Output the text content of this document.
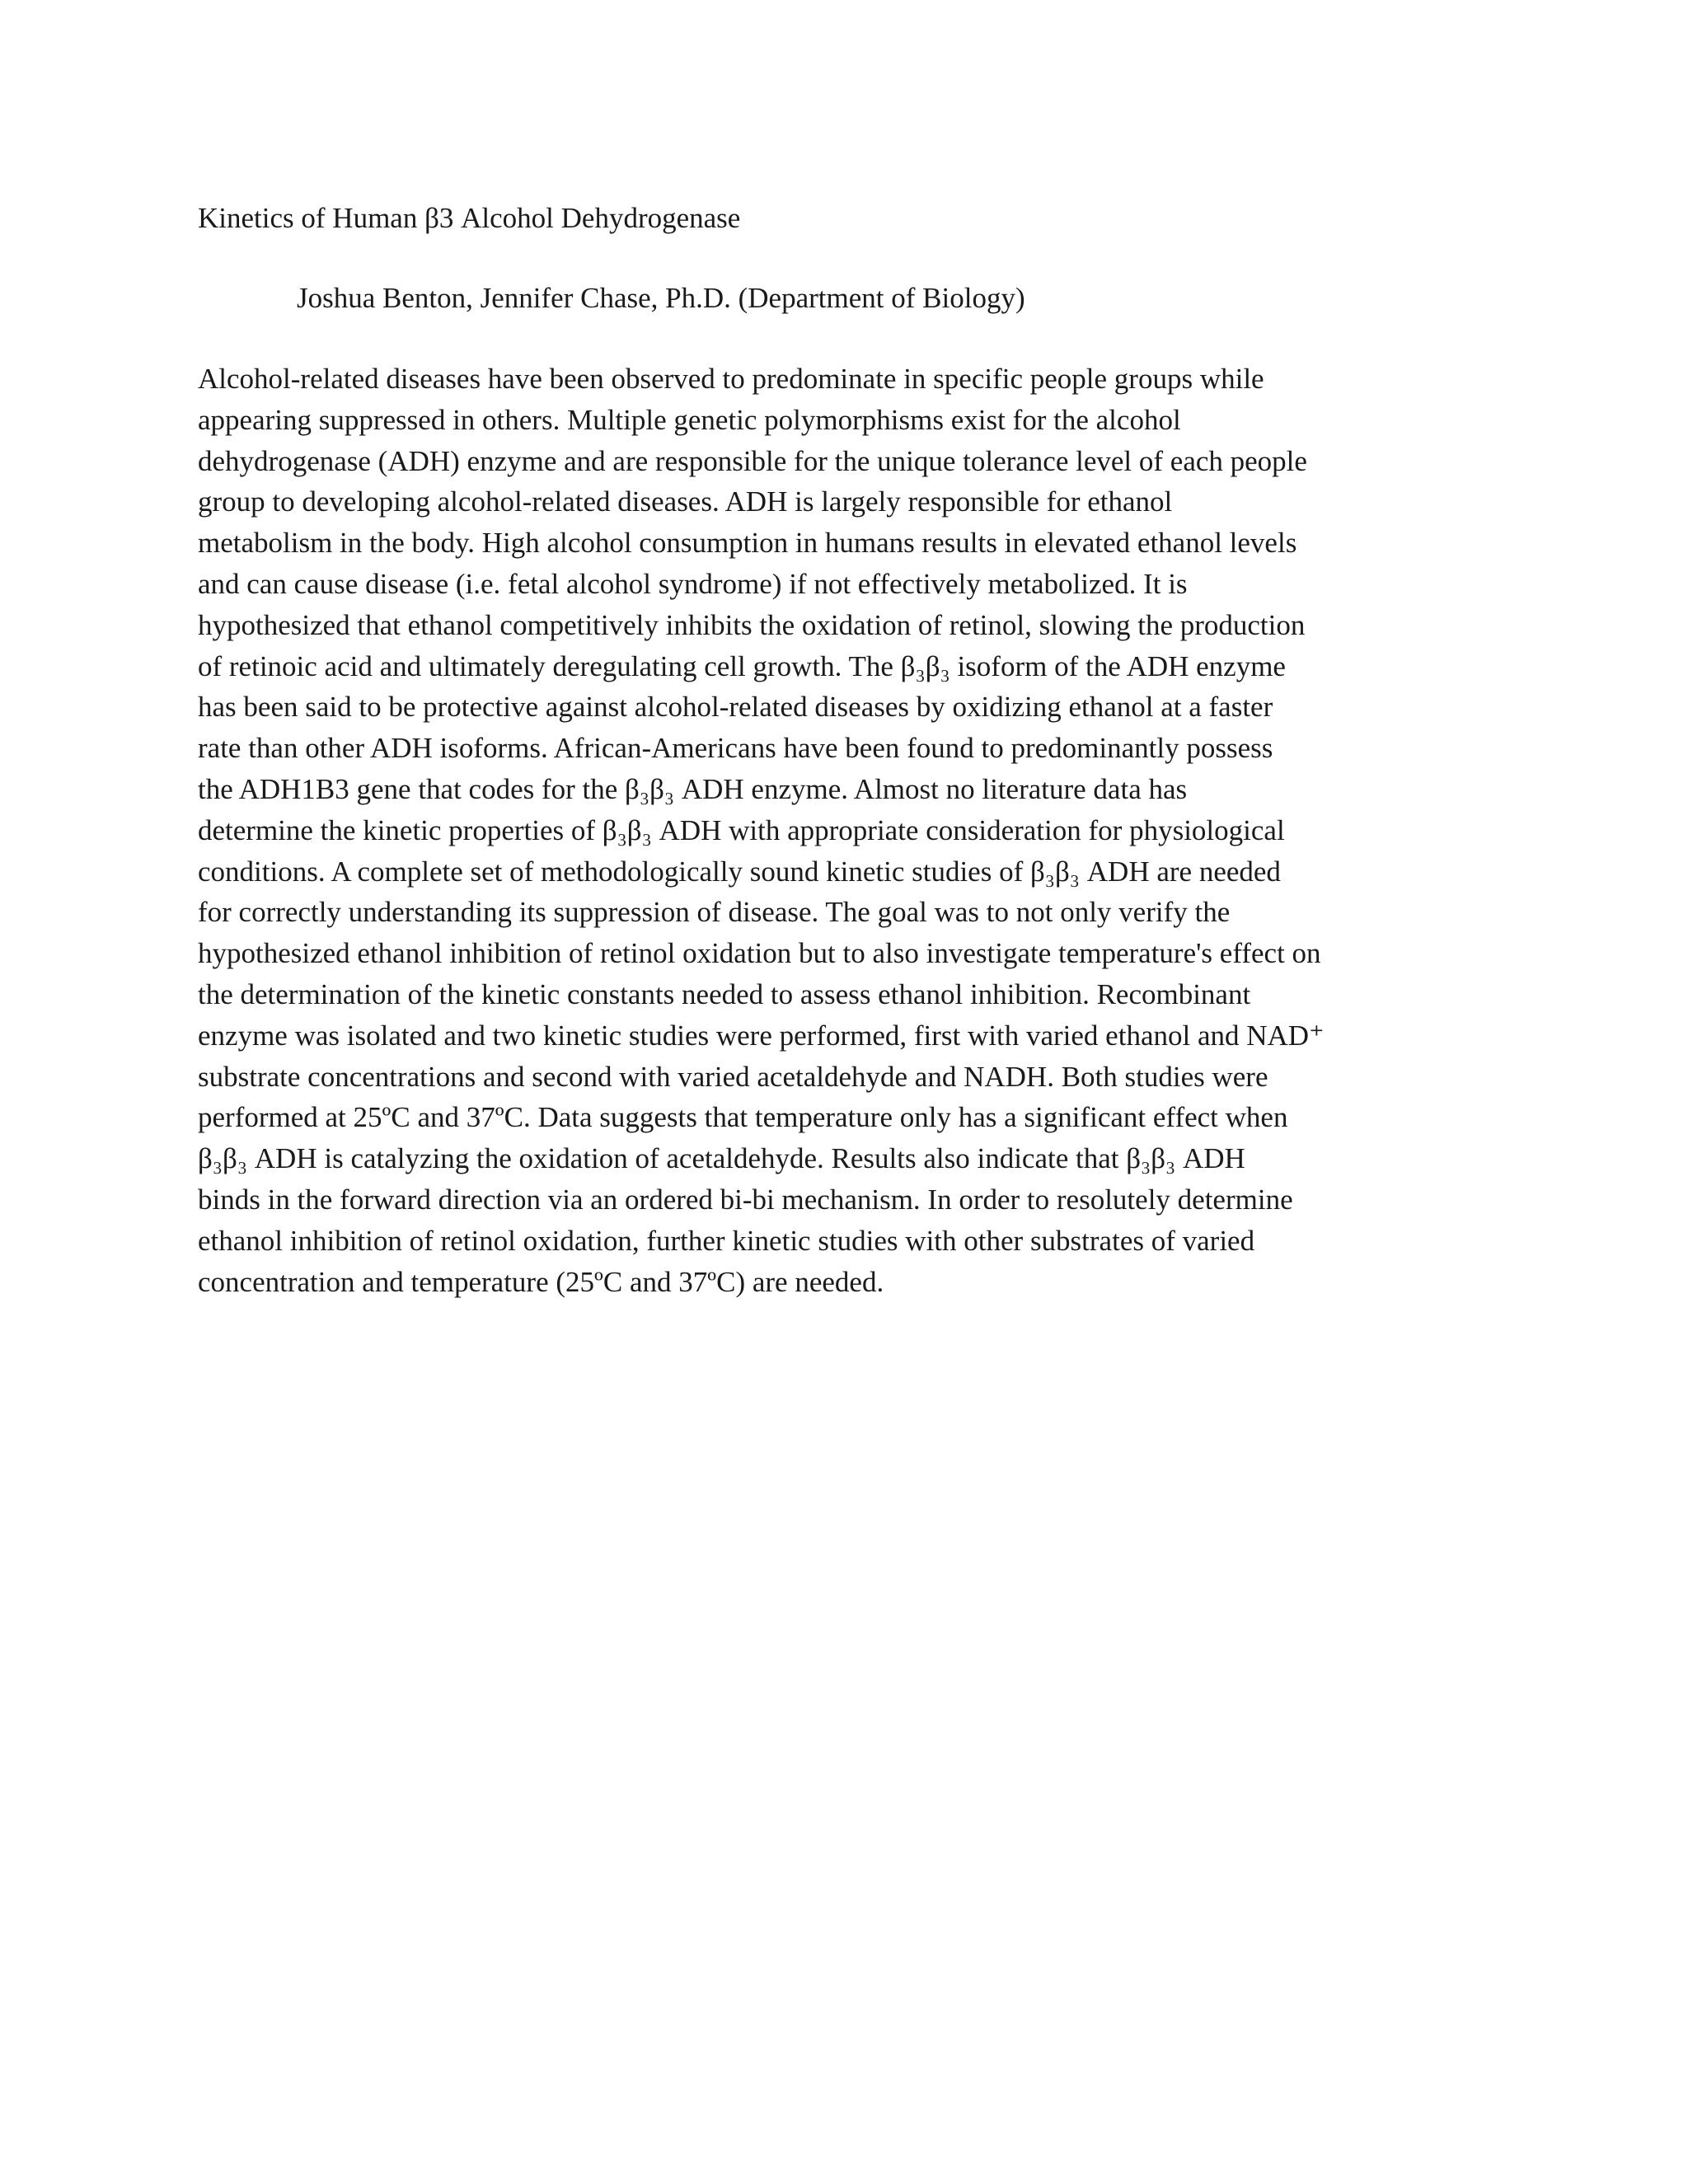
Kinetics of Human β3 Alcohol Dehydrogenase
Joshua Benton, Jennifer Chase, Ph.D. (Department of Biology)
Alcohol-related diseases have been observed to predominate in specific people groups while
appearing suppressed in others. Multiple genetic polymorphisms exist for the alcohol
dehydrogenase (ADH) enzyme and are responsible for the unique tolerance level of each people
group to developing alcohol-related diseases. ADH is largely responsible for ethanol
metabolism in the body. High alcohol consumption in humans results in elevated ethanol levels
and can cause disease (i.e. fetal alcohol syndrome) if not effectively metabolized. It is
hypothesized that ethanol competitively inhibits the oxidation of retinol, slowing the production
of retinoic acid and ultimately deregulating cell growth. The β₃β₃ isoform of the ADH enzyme
has been said to be protective against alcohol-related diseases by oxidizing ethanol at a faster
rate than other ADH isoforms. African-Americans have been found to predominantly possess
the ADH1B3 gene that codes for the β₃β₃ ADH enzyme. Almost no literature data has
determine the kinetic properties of β₃β₃ ADH with appropriate consideration for physiological
conditions. A complete set of methodologically sound kinetic studies of β₃β₃ ADH are needed
for correctly understanding its suppression of disease. The goal was to not only verify the
hypothesized ethanol inhibition of retinol oxidation but to also investigate temperature's effect on
the determination of the kinetic constants needed to assess ethanol inhibition. Recombinant
enzyme was isolated and two kinetic studies were performed, first with varied ethanol and NAD⁺
substrate concentrations and second with varied acetaldehyde and NADH. Both studies were
performed at 25ºC and 37ºC. Data suggests that temperature only has a significant effect when
β₃β₃ ADH is catalyzing the oxidation of acetaldehyde. Results also indicate that β₃β₃ ADH
binds in the forward direction via an ordered bi-bi mechanism. In order to resolutely determine
ethanol inhibition of retinol oxidation, further kinetic studies with other substrates of varied
concentration and temperature (25ºC and 37ºC) are needed.
